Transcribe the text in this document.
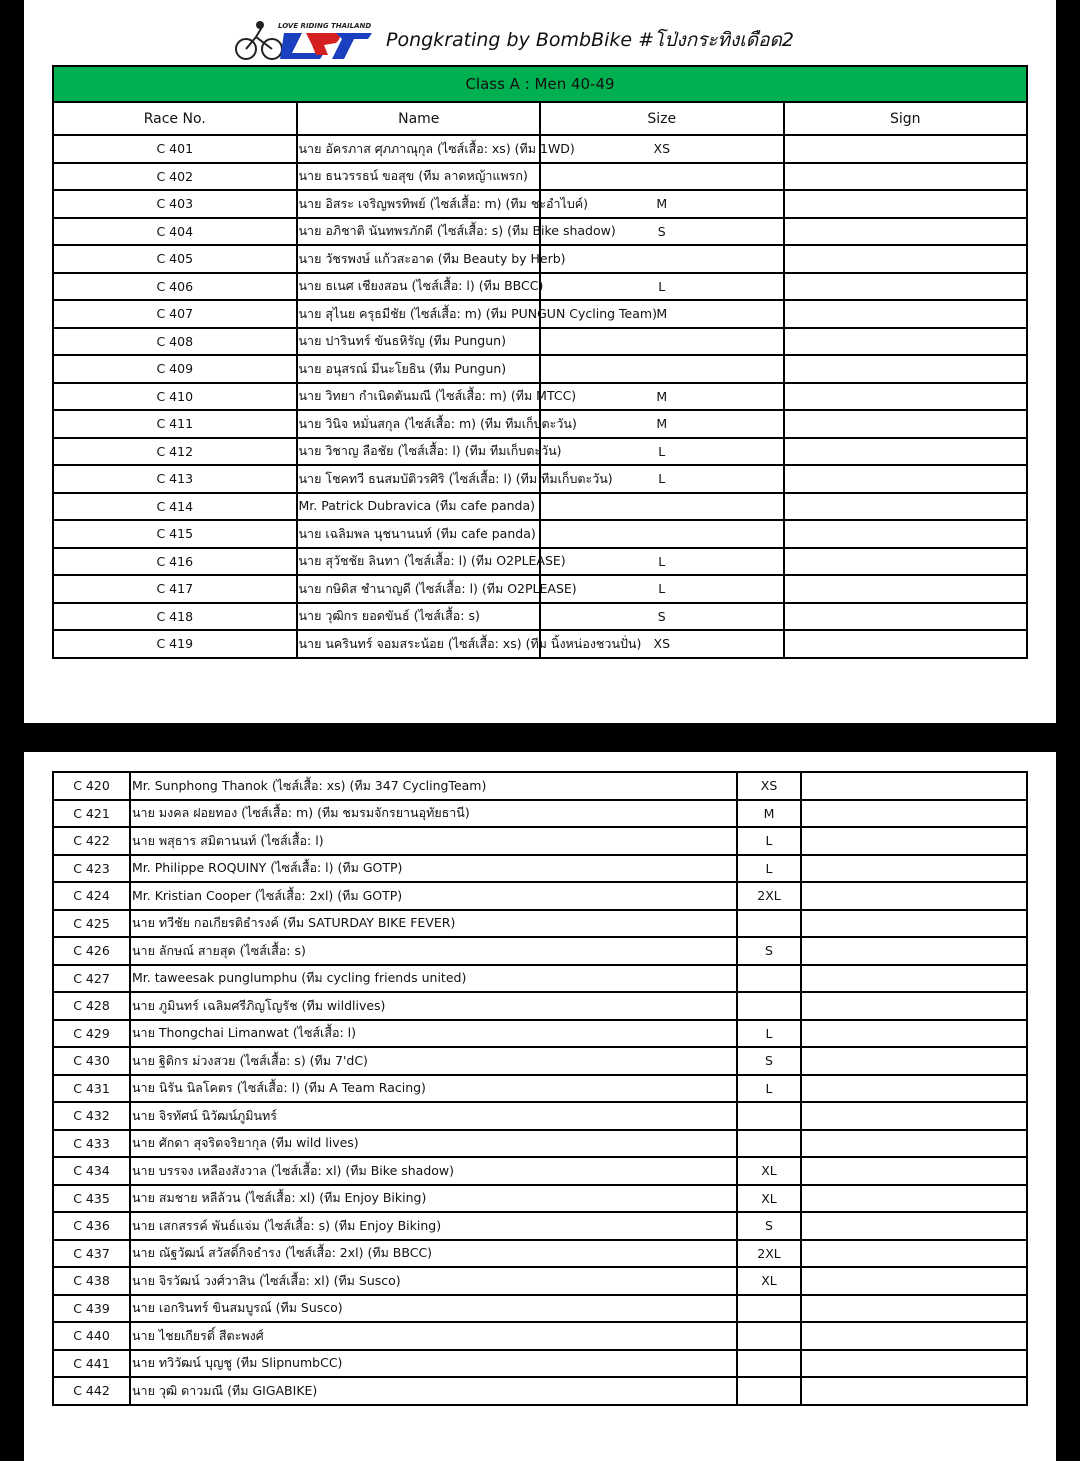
LOVE RIDING THAILAND
Pongkrating by BombBike #โป่งกระทิงเดือด2
Class A : Men 40-49			
Race No.	Name	Size	Sign
C 401	นาย อัครภาส ศุภภาณุกุล (ไซส์เสื้อ: xs) (ทีม 1WD)	XS	
C 402	นาย ธนวรรธน์ ขอสุข (ทีม ลาดหญ้าแพรก)		
C 403	นาย อิสระ เจริญพรทิพย์ (ไซส์เสื้อ: m) (ทีม ชะอำไบค์)	M	
C 404	นาย อภิชาติ นันทพรภักดี (ไซส์เสื้อ: s) (ทีม Bike shadow)	S	
C 405	นาย วัชรพงษ์ แก้วสะอาด (ทีม Beauty by Herb)		
C 406	นาย ธเนศ เชียงสอน (ไซส์เสื้อ: l) (ทีม BBCC)	L	
C 407	นาย สุไนย ครุธมีชัย (ไซส์เสื้อ: m) (ทีม PUNGUN Cycling Team)	M	
C 408	นาย ปารินทร์ ขันธหิรัญ (ทีม Pungun)		
C 409	นาย อนุสรณ์ มีนะโยธิน (ทีม Pungun)		
C 410	นาย วิทยา กำเนิดตันมณี (ไซส์เสื้อ: m) (ทีม MTCC)	M	
C 411	นาย วินิจ หมั่นสกุล (ไซส์เสื้อ: m) (ทีม ทีมเก็บตะวัน)	M	
C 412	นาย วิชาญ ลือชัย (ไซส์เสื้อ: l) (ทีม ทีมเก็บตะวัน)	L	
C 413	นาย โชคทวี ธนสมบัติวรศิริ (ไซส์เสื้อ: l) (ทีม ทีมเก็บตะวัน)	L	
C 414	Mr. Patrick Dubravica (ทีม cafe panda)		
C 415	นาย เฉลิมพล นุชนานนท์ (ทีม cafe panda)		
C 416	นาย สุวัชชัย ลินทา (ไซส์เสื้อ: l) (ทีม O2PLEASE)	L	
C 417	นาย กษิดิส ชำนาญดี (ไซส์เสื้อ: l) (ทีม O2PLEASE)	L	
C 418	นาย วุฒิกร ยอดขันธ์ (ไซส์เสื้อ: s)	S	
C 419	นาย นครินทร์ จอมสระน้อย (ไซส์เสื้อ: xs) (ทีม นิ้งหน่องชวนปั่น)	XS	
C 420	Mr. Sunphong Thanok (ไซส์เสื้อ: xs) (ทีม 347 CyclingTeam)	XS	
C 421	นาย มงคล ฝอยทอง (ไซส์เสื้อ: m) (ทีม ชมรมจักรยานอุทัยธานี)	M	
C 422	นาย พสุธาร สมิตานนท์ (ไซส์เสื้อ: l)	L	
C 423	Mr. Philippe ROQUINY (ไซส์เสื้อ: l) (ทีม GOTP)	L	
C 424	Mr. Kristian Cooper (ไซส์เสื้อ: 2xl) (ทีม GOTP)	2XL	
C 425	นาย ทวีชัย กอเกียรติธำรงค์ (ทีม SATURDAY BIKE FEVER)		
C 426	นาย ลักษณ์ สายสุด (ไซส์เสื้อ: s)	S	
C 427	Mr. taweesak punglumphu (ทีม cycling friends united)		
C 428	นาย ภูมินทร์ เฉลิมศรีภิญโญรัช (ทีม wildlives)		
C 429	นาย Thongchai Limanwat (ไซส์เสื้อ: l)	L	
C 430	นาย ฐิติกร ม่วงสวย (ไซส์เสื้อ: s) (ทีม 7'dC)	S	
C 431	นาย นิรัน นิลโคตร (ไซส์เสื้อ: l) (ทีม A Team Racing)	L	
C 432	นาย จิรทัศน์ นิวัฒน์ภูมินทร์		
C 433	นาย ศักดา สุจริตจริยากุล (ทีม wild lives)		
C 434	นาย บรรจง เหลืองสังวาล (ไซส์เสื้อ: xl) (ทีม Bike shadow)	XL	
C 435	นาย สมชาย หลีล้วน (ไซส์เสื้อ: xl) (ทีม Enjoy Biking)	XL	
C 436	นาย เสกสรรค์ พันธ์แจ่ม (ไซส์เสื้อ: s) (ทีม Enjoy Biking)	S	
C 437	นาย ณัฐวัฒน์ สวัสดิ์กิจธำรง (ไซส์เสื้อ: 2xl) (ทีม BBCC)	2XL	
C 438	นาย จิรวัฒน์ วงศ์วาสิน (ไซส์เสื้อ: xl) (ทีม Susco)	XL	
C 439	นาย เอกรินทร์ ขินสมบูรณ์ (ทีม Susco)		
C 440	นาย ไชยเกียรติ์ สีตะพงศ์		
C 441	นาย ทวิวัฒน์ บุญชู (ทีม SlipnumbCC)		
C 442	นาย วุฒิ ดาวมณี (ทีม GIGABIKE)		
